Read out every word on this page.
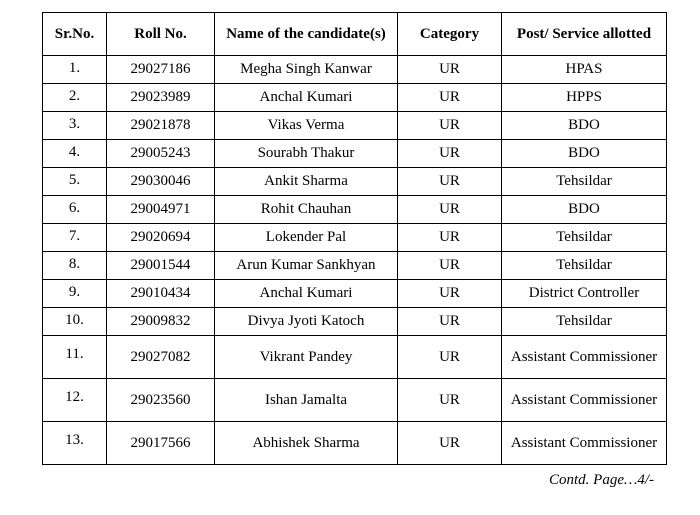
Sr.No.	Roll No.	Name of the candidate(s)	Category	Post/ Service allotted
1.	29027186	Megha Singh Kanwar	UR	HPAS
2.	29023989	Anchal Kumari	UR	HPPS
3.	29021878	Vikas Verma	UR	BDO
4.	29005243	Sourabh Thakur	UR	BDO
5.	29030046	Ankit Sharma	UR	Tehsildar
6.	29004971	Rohit Chauhan	UR	BDO
7.	29020694	Lokender Pal	UR	Tehsildar
8.	29001544	Arun Kumar Sankhyan	UR	Tehsildar
9.	29010434	Anchal Kumari	UR	District Controller
10.	29009832	Divya Jyoti Katoch	UR	Tehsildar
11.	29027082	Vikrant Pandey	UR	Assistant Commissioner
12.	29023560	Ishan Jamalta	UR	Assistant Commissioner
13.	29017566	Abhishek Sharma	UR	Assistant Commissioner
Contd. Page…4/-
